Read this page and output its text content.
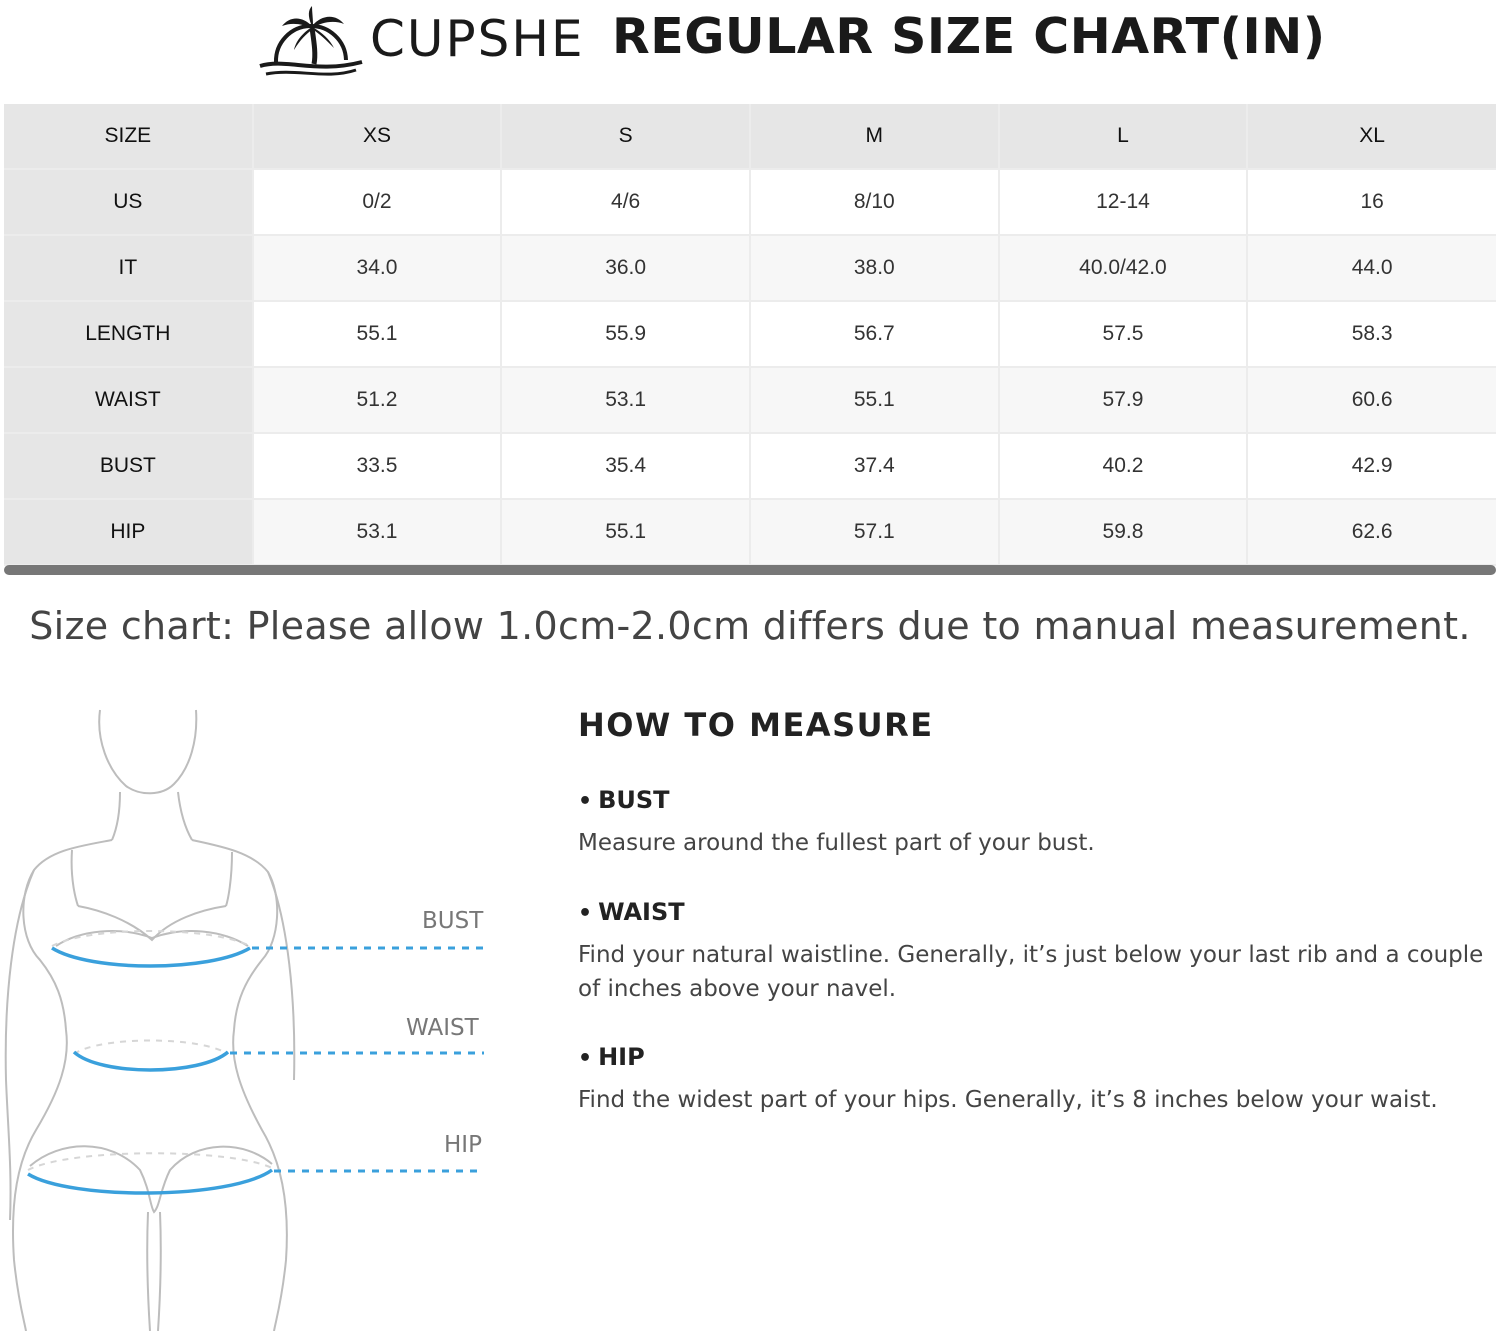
CUPSHE REGULAR SIZE CHART(IN)
SIZE	XS	S	M	L	XL
US	0/2	4/6	8/10	12-14	16
IT	34.0	36.0	38.0	40.0/42.0	44.0
LENGTH	55.1	55.9	56.7	57.5	58.3
WAIST	51.2	53.1	55.1	57.9	60.6
BUST	33.5	35.4	37.4	40.2	42.9
HIP	53.1	55.1	57.1	59.8	62.6
Size chart: Please allow 1.0cm-2.0cm differs due to manual measurement.
BUST
WAIST
HIP
HOW TO MEASURE
• BUST
Measure around the fullest part of your bust.
• WAIST
Find your natural waistline. Generally, it’s just below your last rib and a couple of inches above your navel.
• HIP
Find the widest part of your hips. Generally, it’s 8 inches below your waist.
